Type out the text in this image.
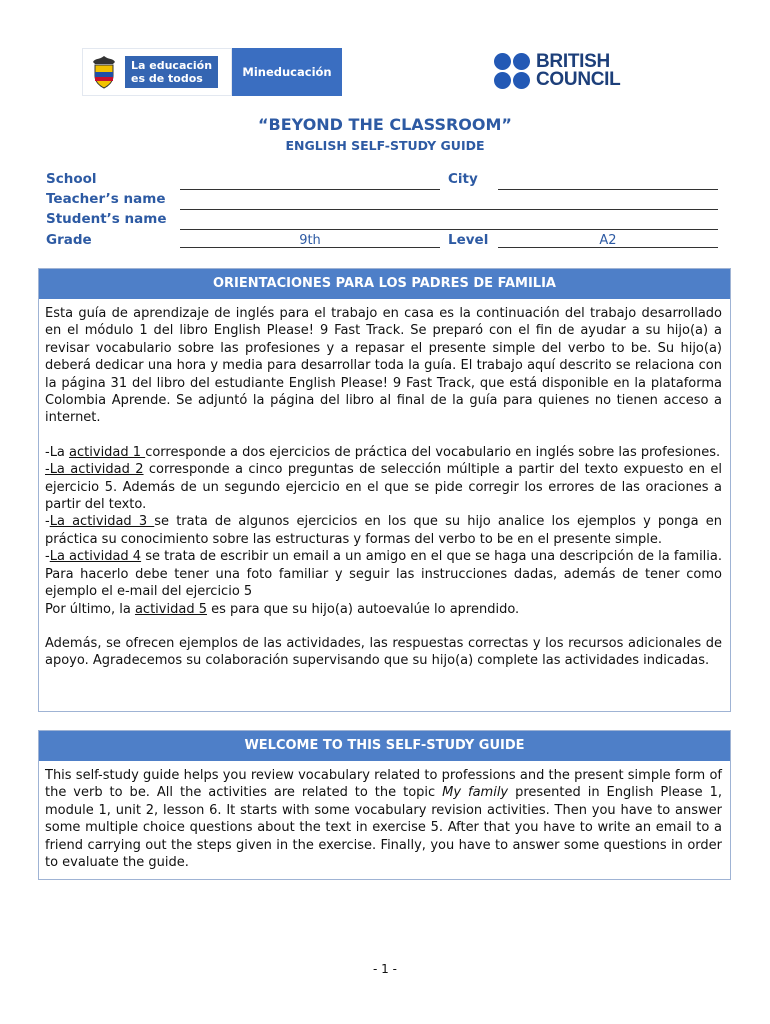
La educación
es de todos	Mineducación	BRITISH
COUNCIL
“BEYOND THE CLASSROOM”
ENGLISH SELF-STUDY GUIDE
School	City
Teacher’s name
Student’s name
Grade	9th	Level	A2
ORIENTACIONES PARA LOS PADRES DE FAMILIA

Esta guía de aprendizaje de inglés para el trabajo en casa es la continuación del trabajo desarrollado en el módulo 1 del libro English Please! 9 Fast Track. Se preparó con el fin de ayudar a su hijo(a) a revisar vocabulario sobre las profesiones y a repasar el presente simple del verbo to be. Su hijo(a) deberá dedicar una hora y media para desarrollar toda la guía. El trabajo aquí descrito se relaciona con la página 31 del libro del estudiante English Please! 9 Fast Track, que está disponible en la plataforma Colombia Aprende. Se adjuntó la página del libro al final de la guía para quienes no tienen acceso a internet.

-La actividad 1 corresponde a dos ejercicios de práctica del vocabulario en inglés sobre las profesiones.

-La actividad 2 corresponde a cinco preguntas de selección múltiple a partir del texto expuesto en el ejercicio 5. Además de un segundo ejercicio en el que se pide corregir los errores de las oraciones a partir del texto.

-La actividad 3 se trata de algunos ejercicios en los que su hijo analice los ejemplos y ponga en práctica su conocimiento sobre las estructuras y formas del verbo to be en el presente simple.

-La actividad 4 se trata de escribir un email a un amigo en el que se haga una descripción de la familia. Para hacerlo debe tener una foto familiar y seguir las instrucciones dadas, además de tener como ejemplo el e-mail del ejercicio 5

Por último, la actividad 5 es para que su hijo(a) autoevalúe lo aprendido.

Además, se ofrecen ejemplos de las actividades, las respuestas correctas y los recursos adicionales de apoyo. Agradecemos su colaboración supervisando que su hijo(a) complete las actividades indicadas.

WELCOME TO THIS SELF-STUDY GUIDE

This self-study guide helps you review vocabulary related to professions and the present simple form of the verb to be. All the activities are related to the topic My family presented in English Please 1, module 1, unit 2, lesson 6. It starts with some vocabulary revision activities. Then you have to answer some multiple choice questions about the text in exercise 5. After that you have to write an email to a friend carrying out the steps given in the exercise. Finally, you have to answer some questions in order to evaluate the guide.

- 1 -
